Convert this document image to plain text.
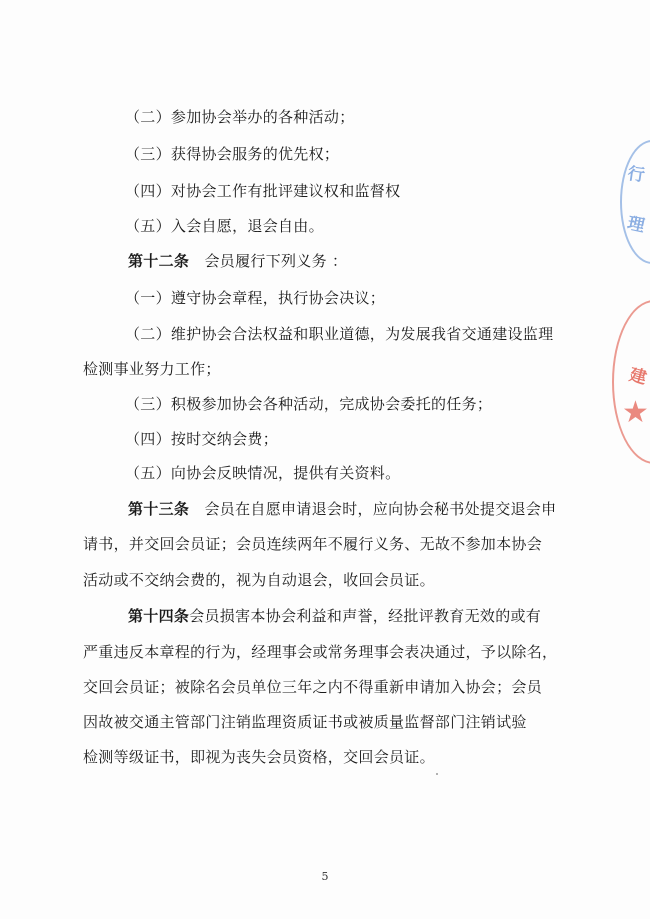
（二）参加协会举办的各种活动；
（三）获得协会服务的优先权；
（四）对协会工作有批评建议权和监督权
（五）入会自愿，退会自由。
第十二条　会员履行下列义务 ：
（一）遵守协会章程，执行协会决议；
（二）维护协会合法权益和职业道德，为发展我省交通建设监理
检测事业努力工作；
（三）积极参加协会各种活动，完成协会委托的任务；
（四）按时交纳会费；
（五）向协会反映情况，提供有关资料。
第十三条　会员在自愿申请退会时，应向协会秘书处提交退会申
请书，并交回会员证；会员连续两年不履行义务、无故不参加本协会
活动或不交纳会费的，视为自动退会，收回会员证。
第十四条会员损害本协会利益和声誉，经批评教育无效的或有
严重违反本章程的行为，经理事会或常务理事会表决通过，予以除名，
交回会员证；被除名会员单位三年之内不得重新申请加入协会；会员
因故被交通主管部门注销监理资质证书或被质量监督部门注销试验
检测等级证书，即视为丧失会员资格，交回会员证。
行
理
建
★
5
